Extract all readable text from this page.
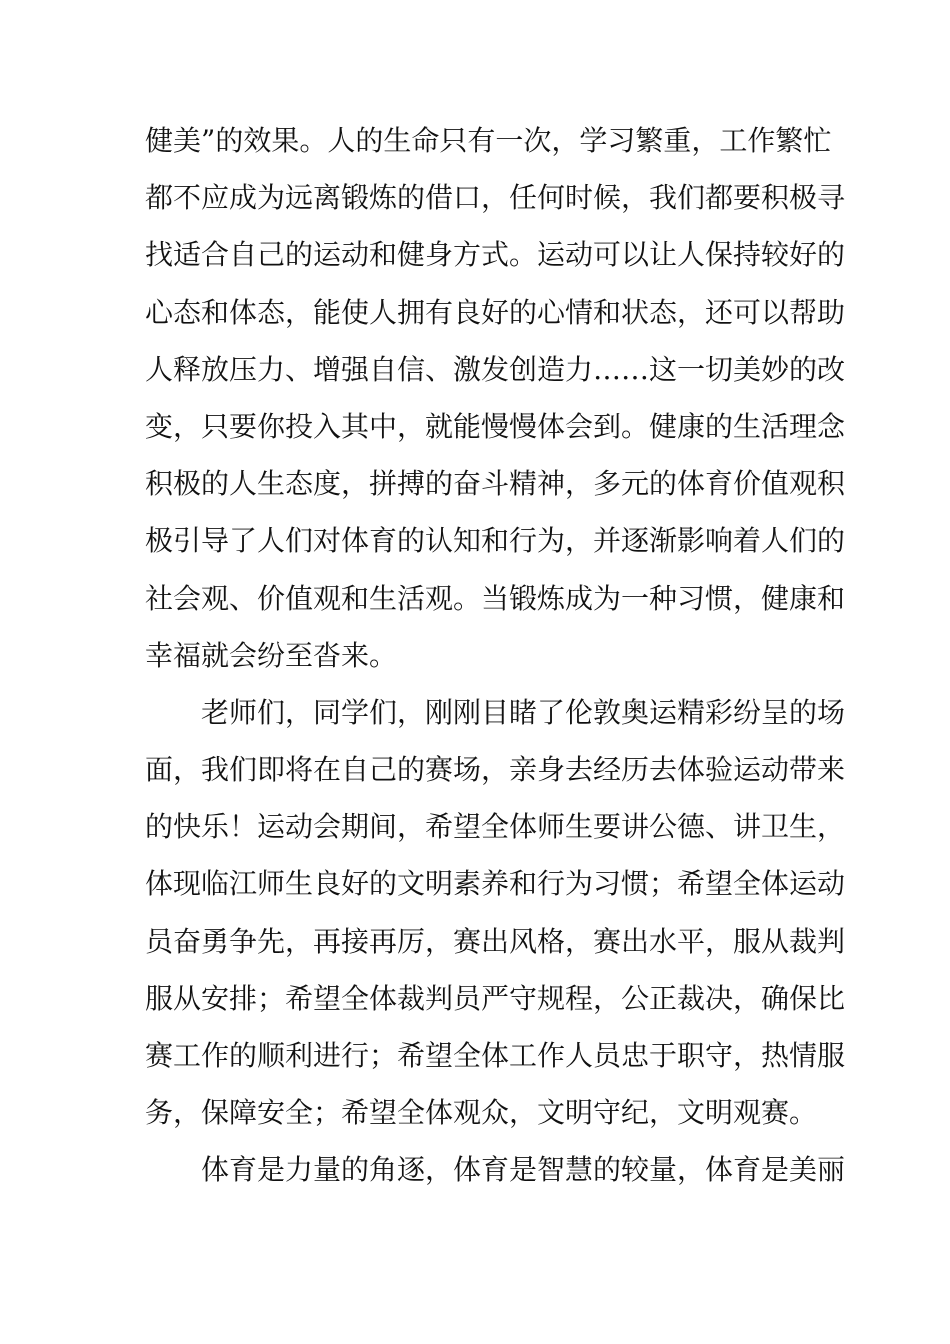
健美”的效果。人的生命只有一次，学习繁重，工作繁忙
都不应成为远离锻炼的借口，任何时候，我们都要积极寻
找适合自己的运动和健身方式。运动可以让人保持较好的
心态和体态，能使人拥有良好的心情和状态，还可以帮助
人释放压力、增强自信、激发创造力……这一切美妙的改
变，只要你投入其中，就能慢慢体会到。健康的生活理念
积极的人生态度，拼搏的奋斗精神，多元的体育价值观积
极引导了人们对体育的认知和行为，并逐渐影响着人们的
社会观、价值观和生活观。当锻炼成为一种习惯，健康和
幸福就会纷至沓来。
　　老师们，同学们，刚刚目睹了伦敦奥运精彩纷呈的场
面，我们即将在自己的赛场，亲身去经历去体验运动带来
的快乐！运动会期间，希望全体师生要讲公德、讲卫生，
体现临江师生良好的文明素养和行为习惯；希望全体运动
员奋勇争先，再接再厉，赛出风格，赛出水平，服从裁判
服从安排；希望全体裁判员严守规程，公正裁决，确保比
赛工作的顺利进行；希望全体工作人员忠于职守，热情服
务，保障安全；希望全体观众，文明守纪，文明观赛。
　　体育是力量的角逐，体育是智慧的较量，体育是美丽
